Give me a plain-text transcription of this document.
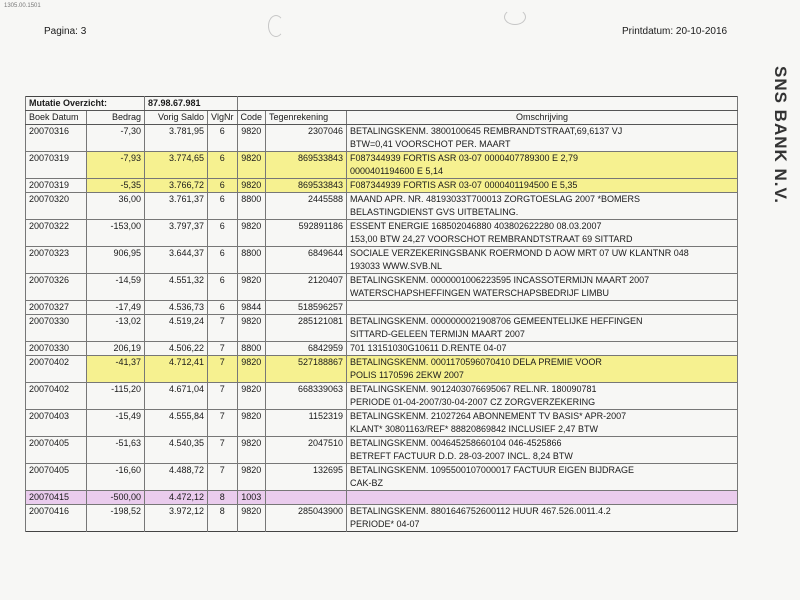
1305.00.1501
Pagina: 3	Printdatum: 20-10-2016
SNS BANK N.V.
Mutatie Overzicht:		87.98.67.981				
Boek Datum	Bedrag	Vorig Saldo	VlgNr	Code	Tegenrekening	Omschrijving
20070316	-7,30	3.781,95	6	9820	2307046	BETALINGSKENM. 3800100645 REMBRANDTSTRAAT,69,6137 VJ
						BTW=0,41 VOORSCHOT PER. MAART
20070319	-7,93	3.774,65	6	9820	869533843	F087344939 FORTIS ASR 03-07 0000407789300 E 2,79
						0000401194600 E 5,14
20070319	-5,35	3.766,72	6	9820	869533843	F087344939 FORTIS ASR 03-07 0000401194500 E 5,35
20070320	36,00	3.761,37	6	8800	2445588	MAAND APR. NR. 48193033T700013 ZORGTOESLAG 2007 *BOMERS
						BELASTINGDIENST GVS UITBETALING.
20070322	-153,00	3.797,37	6	9820	592891186	ESSENT ENERGIE 168502046880 403802622280 08.03.2007
						153,00 BTW 24,27 VOORSCHOT REMBRANDTSTRAAT 69 SITTARD
20070323	906,95	3.644,37	6	8800	6849644	SOCIALE VERZEKERINGSBANK ROERMOND D AOW MRT 07 UW KLANTNR 048
						193033 WWW.SVB.NL
20070326	-14,59	4.551,32	6	9820	2120407	BETALINGSKENM. 0000001006223595 INCASSOTERMIJN MAART 2007
						WATERSCHAPSHEFFINGEN WATERSCHAPSBEDRIJF LIMBU
20070327	-17,49	4.536,73	6	9844	518596257	
20070330	-13,02	4.519,24	7	9820	285121081	BETALINGSKENM. 0000000021908706 GEMEENTELIJKE HEFFINGEN
						SITTARD-GELEEN TERMIJN MAART 2007
20070330	206,19	4.506,22	7	8800	6842959	701 13151030G10611 D.RENTE 04-07
20070402	-41,37	4.712,41	7	9820	527188867	BETALINGSKENM. 0001170596070410 DELA PREMIE VOOR
						POLIS 1170596 2EKW 2007
20070402	-115,20	4.671,04	7	9820	668339063	BETALINGSKENM. 9012403076695067 REL.NR. 180090781
						PERIODE 01-04-2007/30-04-2007 CZ ZORGVERZEKERING
20070403	-15,49	4.555,84	7	9820	1152319	BETALINGSKENM. 21027264 ABONNEMENT TV BASIS* APR-2007
						KLANT* 30801163/REF* 88820869842 INCLUSIEF 2,47 BTW
20070405	-51,63	4.540,35	7	9820	2047510	BETALINGSKENM. 004645258660104 046-4525866
						BETREFT FACTUUR D.D. 28-03-2007 INCL. 8,24 BTW
20070405	-16,60	4.488,72	7	9820	132695	BETALINGSKENM. 1095500107000017 FACTUUR EIGEN BIJDRAGE
						CAK-BZ
20070415	-500,00	4.472,12	8	1003		
20070416	-198,52	3.972,12	8	9820	285043900	BETALINGSKENM. 8801646752600112 HUUR 467.526.0011.4.2
						PERIODE* 04-07
